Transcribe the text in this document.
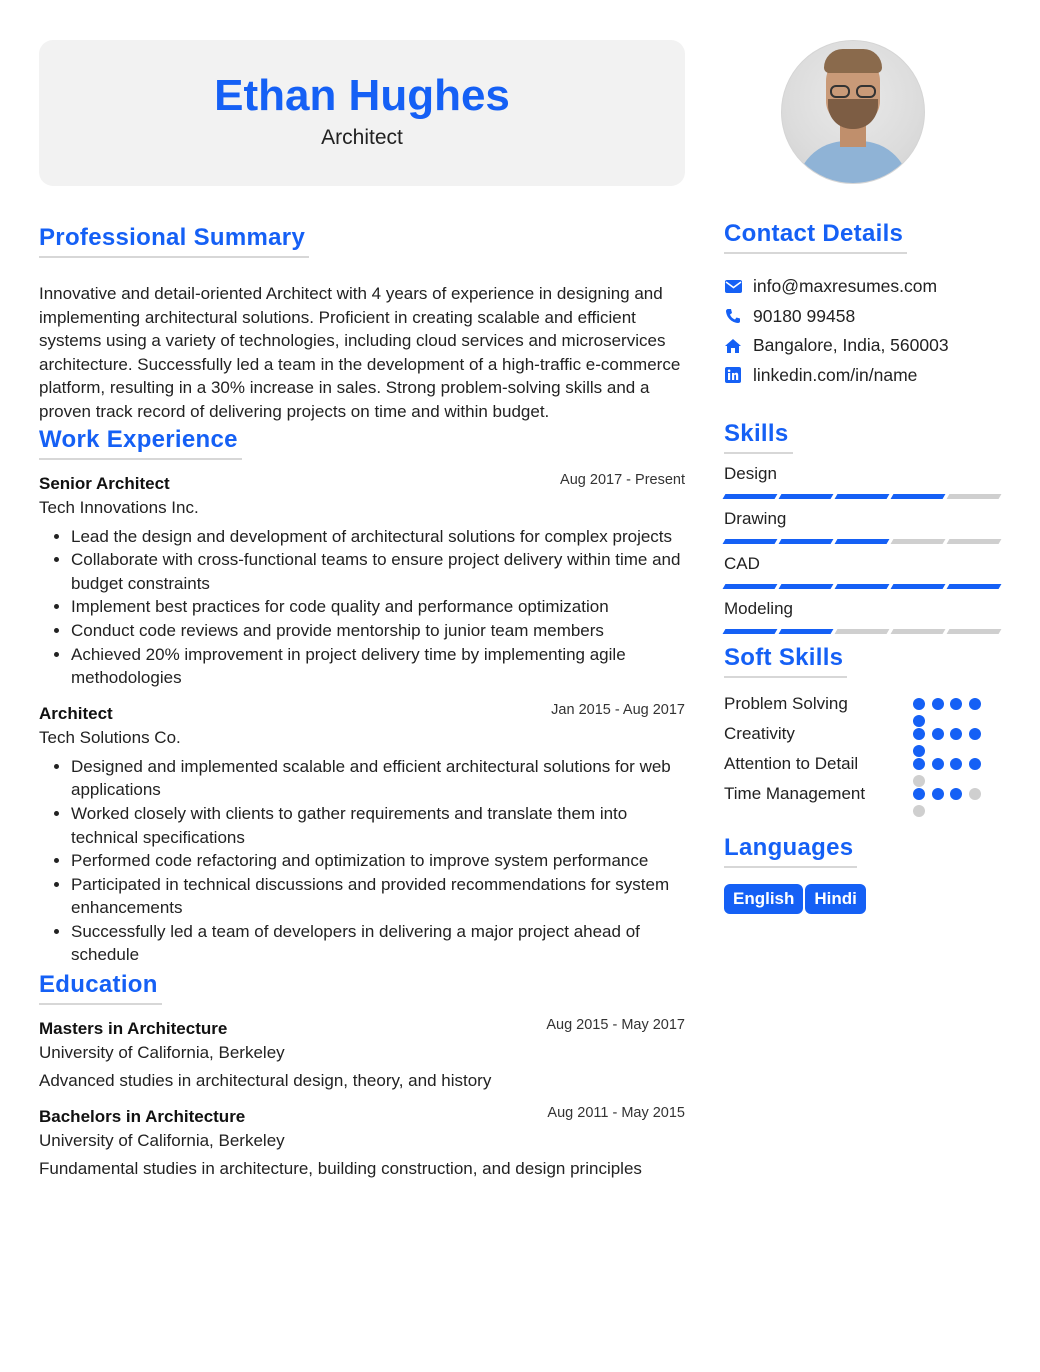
Ethan Hughes
Architect
Professional Summary

Innovative and detail-oriented Architect with 4 years of experience in designing and implementing architectural solutions. Proficient in creating scalable and efficient systems using a variety of technologies, including cloud services and microservices architecture. Successfully led a team in the development of a high-traffic e-commerce platform, resulting in a 30% increase in sales. Strong problem-solving skills and a proven track record of delivering projects on time and within budget.

Work Experience
Senior Architect	Aug 2017 - Present
Tech Innovations Inc.
• Lead the design and development of architectural solutions for complex projects
• Collaborate with cross-functional teams to ensure project delivery within time and budget constraints
• Implement best practices for code quality and performance optimization
• Conduct code reviews and provide mentorship to junior team members
• Achieved 20% improvement in project delivery time by implementing agile methodologies
Architect	Jan 2015 - Aug 2017
Tech Solutions Co.
• Designed and implemented scalable and efficient architectural solutions for web applications
• Worked closely with clients to gather requirements and translate them into technical specifications
• Performed code refactoring and optimization to improve system performance
• Participated in technical discussions and provided recommendations for system enhancements
• Successfully led a team of developers in delivering a major project ahead of schedule
Education
Masters in Architecture	Aug 2015 - May 2017
University of California, Berkeley
Advanced studies in architectural design, theory, and history
Bachelors in Architecture	Aug 2011 - May 2015
University of California, Berkeley
Fundamental studies in architecture, building construction, and design principles
Contact Details
info@maxresumes.com
90180 99458
Bangalore, India, 560003
linkedin.com/in/name
Skills
Design
Drawing
CAD
Modeling
Soft Skills
Problem Solving
Creativity
Attention to Detail
Time Management
Languages
English Hindi
